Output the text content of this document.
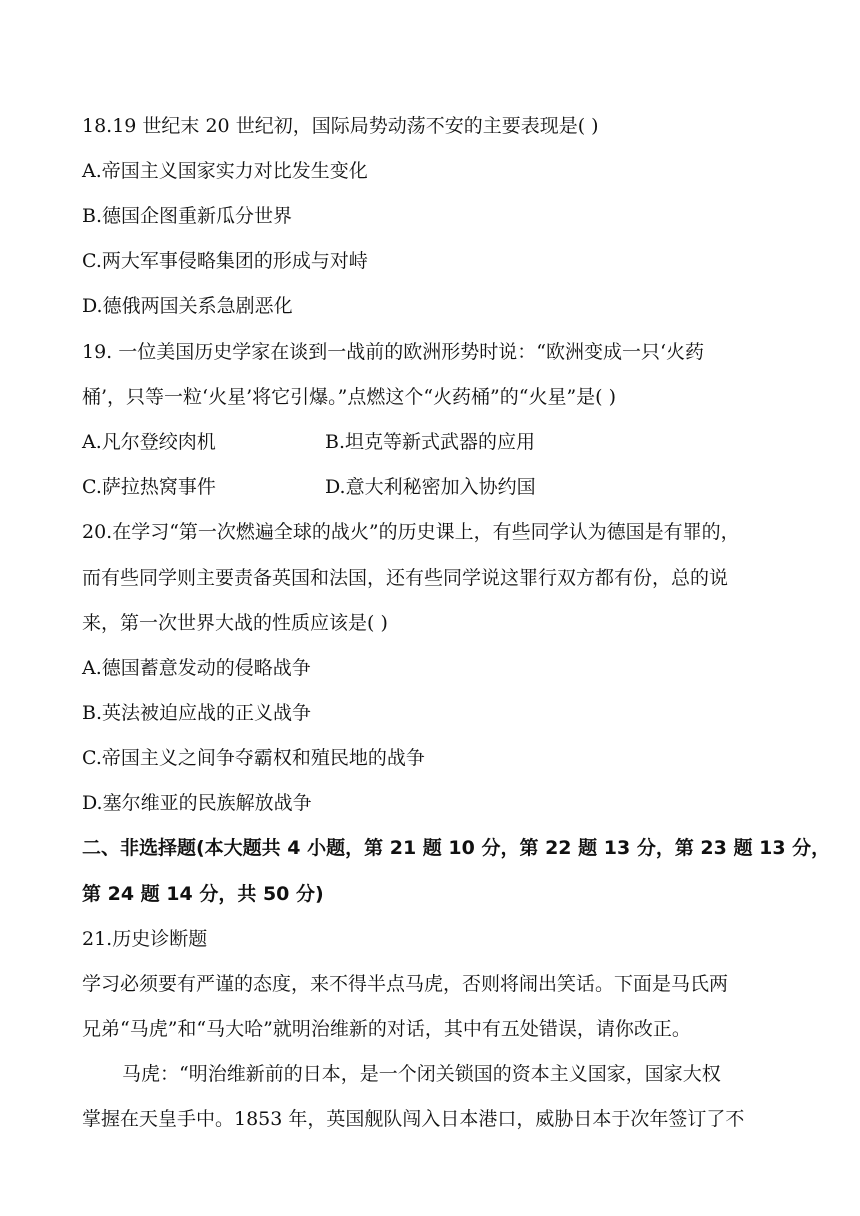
18.19 世纪末 20 世纪初，国际局势动荡不安的主要表现是( )
A.帝国主义国家实力对比发生变化
B.德国企图重新瓜分世界
C.两大军事侵略集团的形成与对峙
D.德俄两国关系急剧恶化
19. 一位美国历史学家在谈到一战前的欧洲形势时说：“欧洲变成一只‘火药
桶’，只等一粒‘火星’将它引爆。”点燃这个“火药桶”的“火星”是( )
A.凡尔登绞肉机	B.坦克等新式武器的应用
C.萨拉热窝事件	D.意大利秘密加入协约国
20.在学习“第一次燃遍全球的战火”的历史课上，有些同学认为德国是有罪的，
而有些同学则主要责备英国和法国，还有些同学说这罪行双方都有份，总的说
来，第一次世界大战的性质应该是( )
A.德国蓄意发动的侵略战争
B.英法被迫应战的正义战争
C.帝国主义之间争夺霸权和殖民地的战争
D.塞尔维亚的民族解放战争
二、非选择题(本大题共 4 小题，第 21 题 10 分，第 22 题 13 分，第 23 题 13 分，
第 24 题 14 分，共 50 分)
21.历史诊断题
学习必须要有严谨的态度，来不得半点马虎，否则将闹出笑话。下面是马氏两
兄弟“马虎”和“马大哈”就明治维新的对话，其中有五处错误，请你改正。
马虎：“明治维新前的日本，是一个闭关锁国的资本主义国家，国家大权
掌握在天皇手中。1853 年，英国舰队闯入日本港口，威胁日本于次年签订了不
